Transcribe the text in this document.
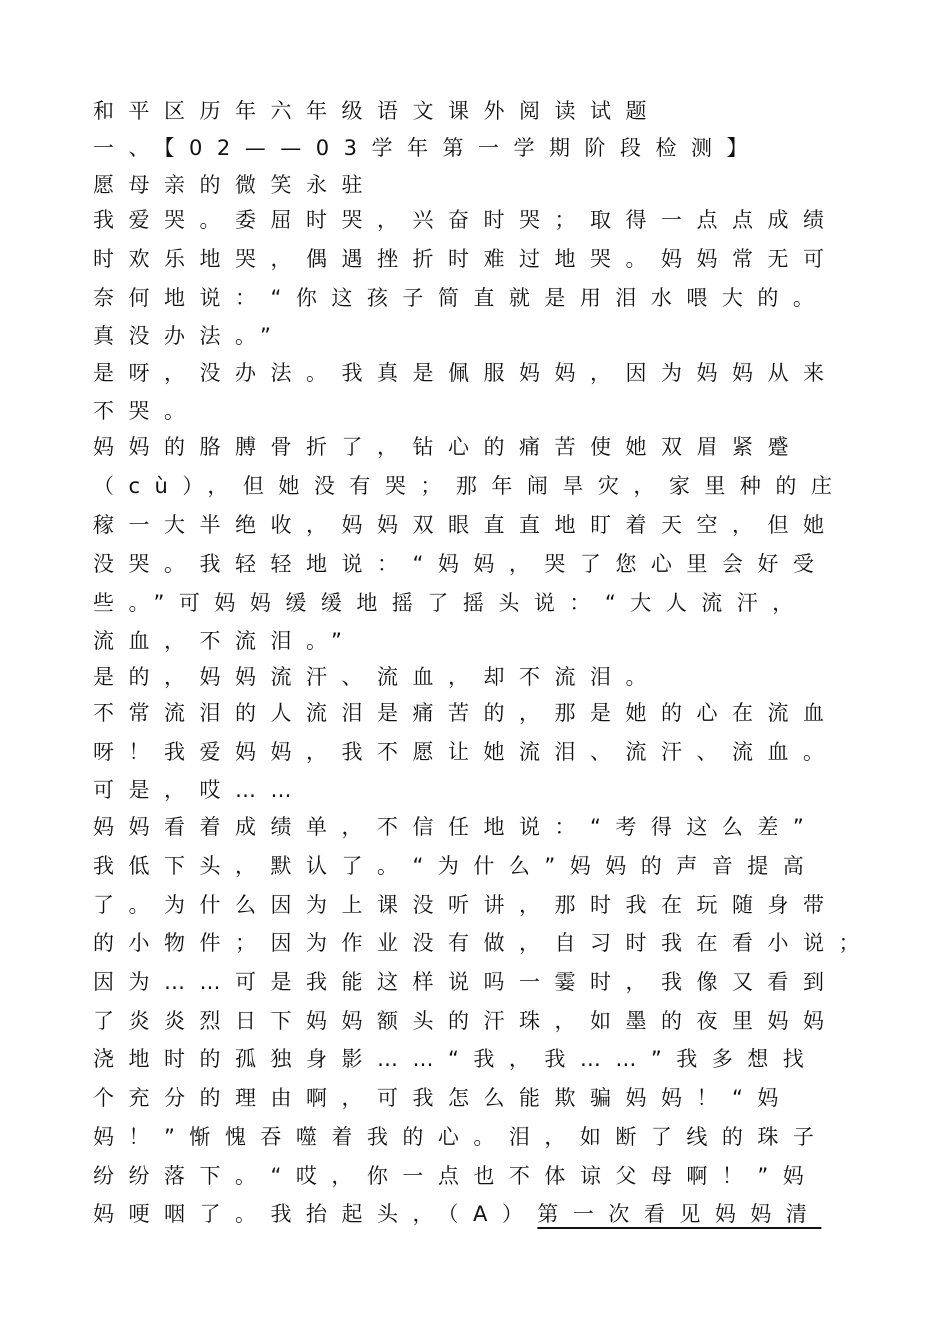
和平区历年六年级语文课外阅读试题
一、【02——03学年第一学期阶段检测】
愿母亲的微笑永驻
我爱哭。委屈时哭，兴奋时哭；取得一点点成绩
时欢乐地哭，偶遇挫折时难过地哭。妈妈常无可
奈何地说：“你这孩子简直就是用泪水喂大的。
真没办法。”
是呀，没办法。我真是佩服妈妈，因为妈妈从来
不哭。
妈妈的胳膊骨折了，钻心的痛苦使她双眉紧蹙
（cù），但她没有哭；那年闹旱灾，家里种的庄
稼一大半绝收，妈妈双眼直直地盯着天空，但她
没哭。我轻轻地说：“妈妈，哭了您心里会好受
些。”可妈妈缓缓地摇了摇头说：“大人流汗，
流血，不流泪。”
是的，妈妈流汗、流血，却不流泪。
不常流泪的人流泪是痛苦的，那是她的心在流血
呀！我爱妈妈，我不愿让她流泪、流汗、流血。
可是，哎……
妈妈看着成绩单，不信任地说：“考得这么差”
我低下头，默认了。“为什么”妈妈的声音提高
了。为什么因为上课没听讲，那时我在玩随身带
的小物件；因为作业没有做，自习时我在看小说；
因为……可是我能这样说吗一霎时，我像又看到
了炎炎烈日下妈妈额头的汗珠，如墨的夜里妈妈
浇地时的孤独身影……“我，我……”我多想找
个充分的理由啊，可我怎么能欺骗妈妈！“妈
妈！”惭愧吞噬着我的心。泪，如断了线的珠子
纷纷落下。“哎，你一点也不体谅父母啊！”妈
妈哽咽了。我抬起头，（A）第一次看见妈妈清
